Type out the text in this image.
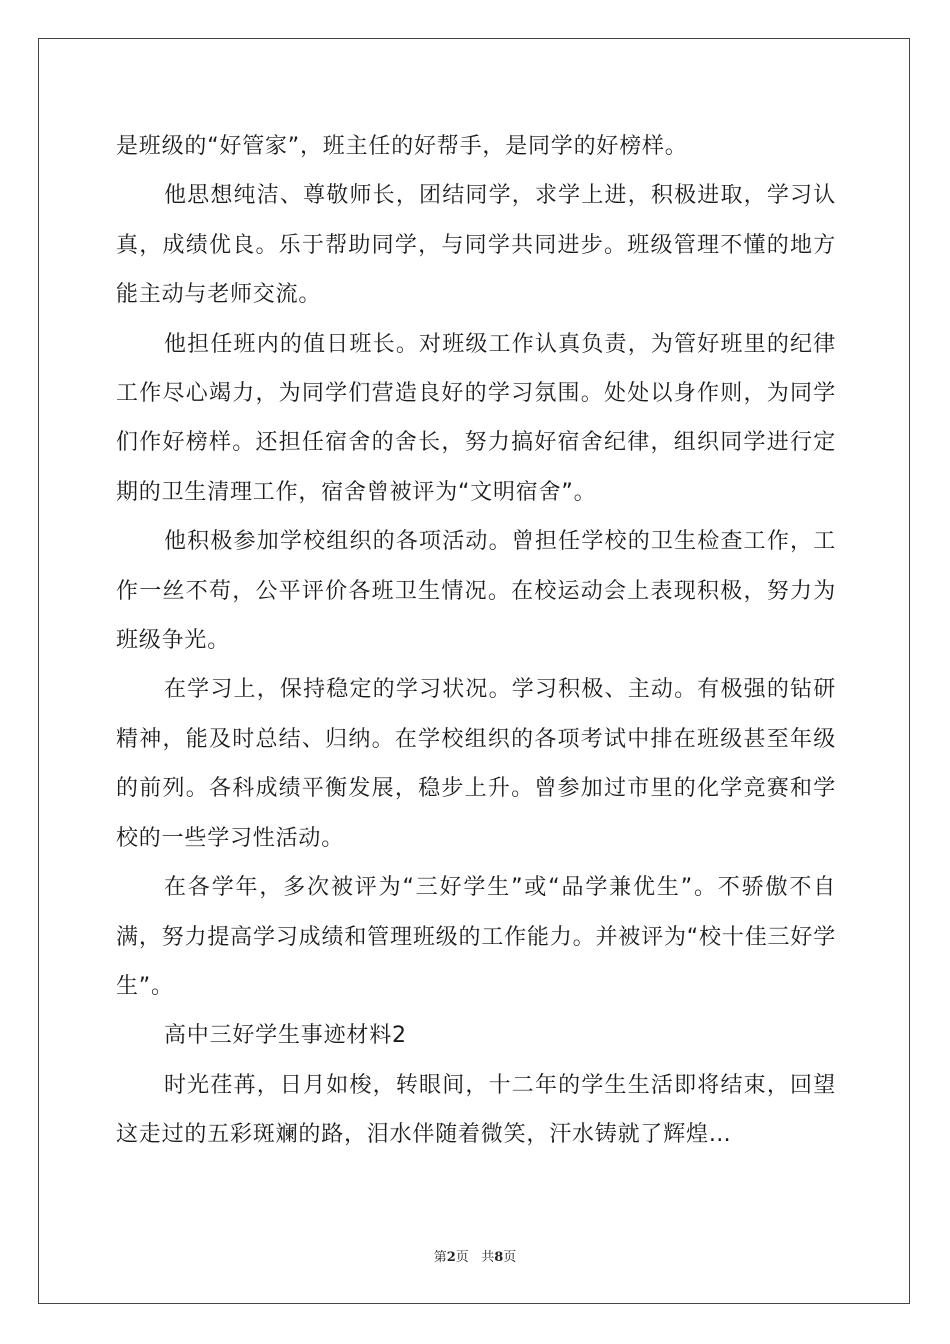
是班级的“好管家”，班主任的好帮手，是同学的好榜样。

他思想纯洁、尊敬师长，团结同学，求学上进，积极进取，学习认真，成绩优良。乐于帮助同学，与同学共同进步。班级管理不懂的地方能主动与老师交流。

他担任班内的值日班长。对班级工作认真负责，为管好班里的纪律工作尽心竭力，为同学们营造良好的学习氛围。处处以身作则，为同学们作好榜样。还担任宿舍的舍长，努力搞好宿舍纪律，组织同学进行定期的卫生清理工作，宿舍曾被评为“文明宿舍”。

他积极参加学校组织的各项活动。曾担任学校的卫生检查工作，工作一丝不苟，公平评价各班卫生情况。在校运动会上表现积极，努力为班级争光。

在学习上，保持稳定的学习状况。学习积极、主动。有极强的钻研精神，能及时总结、归纳。在学校组织的各项考试中排在班级甚至年级的前列。各科成绩平衡发展，稳步上升。曾参加过市里的化学竞赛和学校的一些学习性活动。

在各学年，多次被评为“三好学生”或“品学兼优生”。不骄傲不自满，努力提高学习成绩和管理班级的工作能力。并被评为“校十佳三好学生”。

高中三好学生事迹材料2

时光荏苒，日月如梭，转眼间，十二年的学生生活即将结束，回望这走过的五彩斑斓的路，泪水伴随着微笑，汗水铸就了辉煌…

第2页 共8页
